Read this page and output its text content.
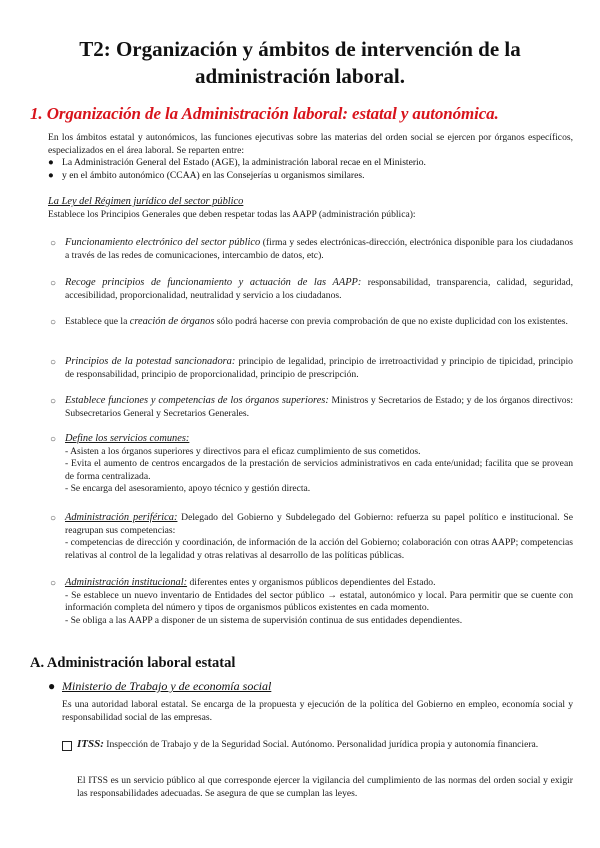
T2: Organización y ámbitos de intervención de la administración laboral.
1. Organización de la Administración laboral: estatal y autonómica.
En los ámbitos estatal y autonómicos, las funciones ejecutivas sobre las materias del orden social se ejercen por órganos específicos, especializados en el área laboral. Se reparten entre:
● La Administración General del Estado (AGE), la administración laboral recae en el Ministerio.
● y en el ámbito autonómico (CCAA) en las Consejerías u organismos similares.
La Ley del Régimen jurídico del sector público
Establece los Principios Generales que deben respetar todas las AAPP (administración pública):
○ Funcionamiento electrónico del sector público (firma y sedes electrónicas-dirección, electrónica disponible para los ciudadanos a través de las redes de comunicaciones, intercambio de datos, etc).
○ Recoge principios de funcionamiento y actuación de las AAPP: responsabilidad, transparencia, calidad, seguridad, accesibilidad, proporcionalidad, neutralidad y servicio a los ciudadanos.
○ Establece que la creación de órganos sólo podrá hacerse con previa comprobación de que no existe duplicidad con los existentes.
○ Principios de la potestad sancionadora: principio de legalidad, principio de irretroactividad y principio de tipicidad, principio de responsabilidad, principio de proporcionalidad, principio de prescripción.
○ Establece funciones y competencias de los órganos superiores: Ministros y Secretarios de Estado; y de los órganos directivos: Subsecretarios General y Secretarios Generales.
○ Define los servicios comunes:
- Asisten a los órganos superiores y directivos para el eficaz cumplimiento de sus cometidos.
- Evita el aumento de centros encargados de la prestación de servicios administrativos en cada ente/unidad; facilita que se provean de forma centralizada.
- Se encarga del asesoramiento, apoyo técnico y gestión directa.
○ Administración periférica: Delegado del Gobierno y Subdelegado del Gobierno: refuerza su papel político e institucional. Se reagrupan sus competencias:
- competencias de dirección y coordinación, de información de la acción del Gobierno; colaboración con otras AAPP; competencias relativas al control de la legalidad y otras relativas al desarrollo de las políticas públicas.
○ Administración institucional: diferentes entes y organismos públicos dependientes del Estado.
- Se establece un nuevo inventario de Entidades del sector público → estatal, autonómico y local. Para permitir que se cuente con información completa del número y tipos de organismos públicos existentes en cada momento.
- Se obliga a las AAPP a disponer de un sistema de supervisión continua de sus entidades dependientes.
A. Administración laboral estatal
● Ministerio de Trabajo y de economía social
Es una autoridad laboral estatal. Se encarga de la propuesta y ejecución de la política del Gobierno en empleo, economía social y responsabilidad social de las empresas.
ITSS: Inspección de Trabajo y de la Seguridad Social. Autónomo. Personalidad jurídica propia y autonomía financiera.
El ITSS es un servicio público al que corresponde ejercer la vigilancia del cumplimiento de las normas del orden social y exigir las responsabilidades adecuadas. Se asegura de que se cumplan las leyes.
